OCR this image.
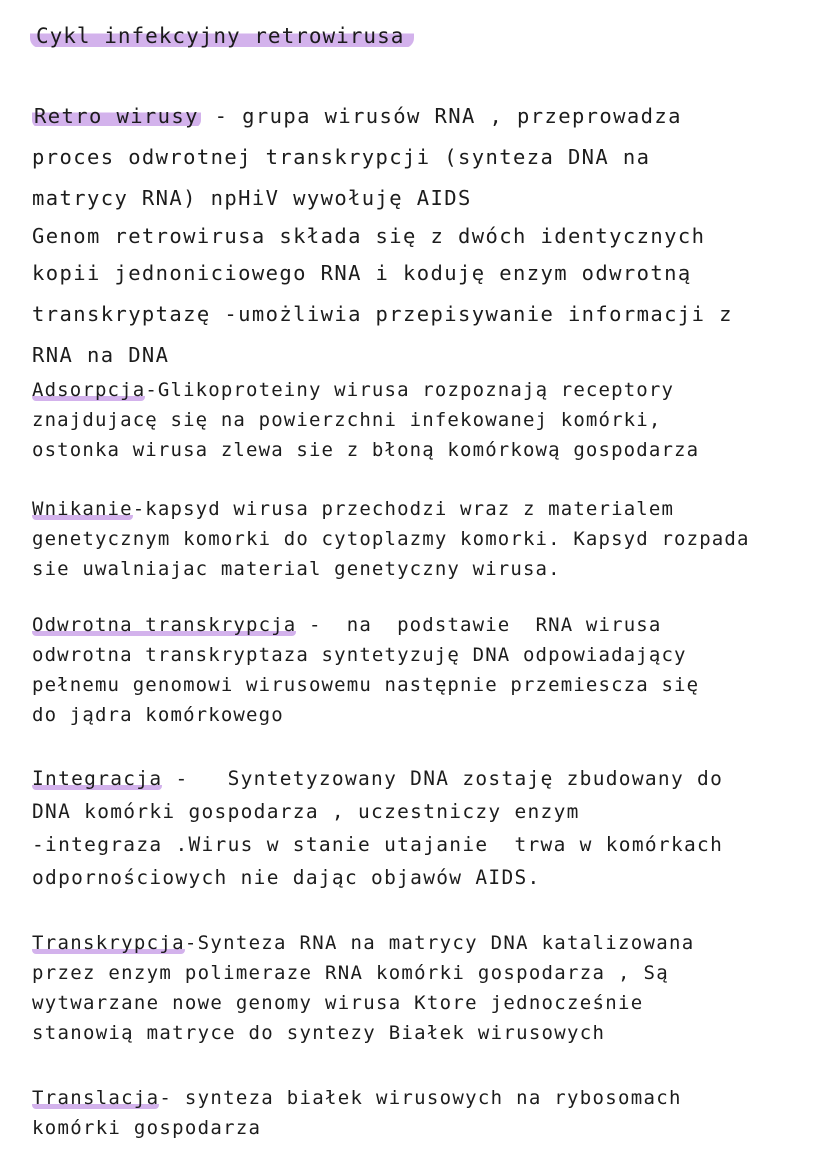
Cykl infekcyjny retrowirusa
Retro wirusy - grupa wirusów RNA , przeprowadza
proces odwrotnej transkrypcji (synteza DNA na
matrycy RNA) npHiV wywołuję AIDS
Genom retrowirusa składa się z dwóch identycznych
kopii jednoniciowego RNA i koduję enzym odwrotną
transkryptazę -umożliwia przepisywanie informacji z
RNA na DNA
Adsorpcja-Glikoproteiny wirusa rozpoznają receptory
znajdujacę się na powierzchni infekowanej komórki,
ostonka wirusa zlewa sie z błoną komórkową gospodarza
Wnikanie-kapsyd wirusa przechodzi wraz z materialem
genetycznym komorki do cytoplazmy komorki. Kapsyd rozpada
sie uwalniajac material genetyczny wirusa.
Odwrotna transkrypcja -  na  podstawie  RNA wirusa
odwrotna transkryptaza syntetyzuję DNA odpowiadający
pełnemu genomowi wirusowemu następnie przemiescza się
do jądra komórkowego
Integracja -   Syntetyzowany DNA zostaję zbudowany do
DNA komórki gospodarza , uczestniczy enzym
-integraza .Wirus w stanie utajanie  trwa w komórkach
odpornościowych nie dając objawów AIDS.
Transkrypcja-Synteza RNA na matrycy DNA katalizowana
przez enzym polimeraze RNA komórki gospodarza , Są
wytwarzane nowe genomy wirusa Ktore jednocześnie
stanowią matryce do syntezy Białek wirusowych
Translacja- synteza białek wirusowych na rybosomach
komórki gospodarza
